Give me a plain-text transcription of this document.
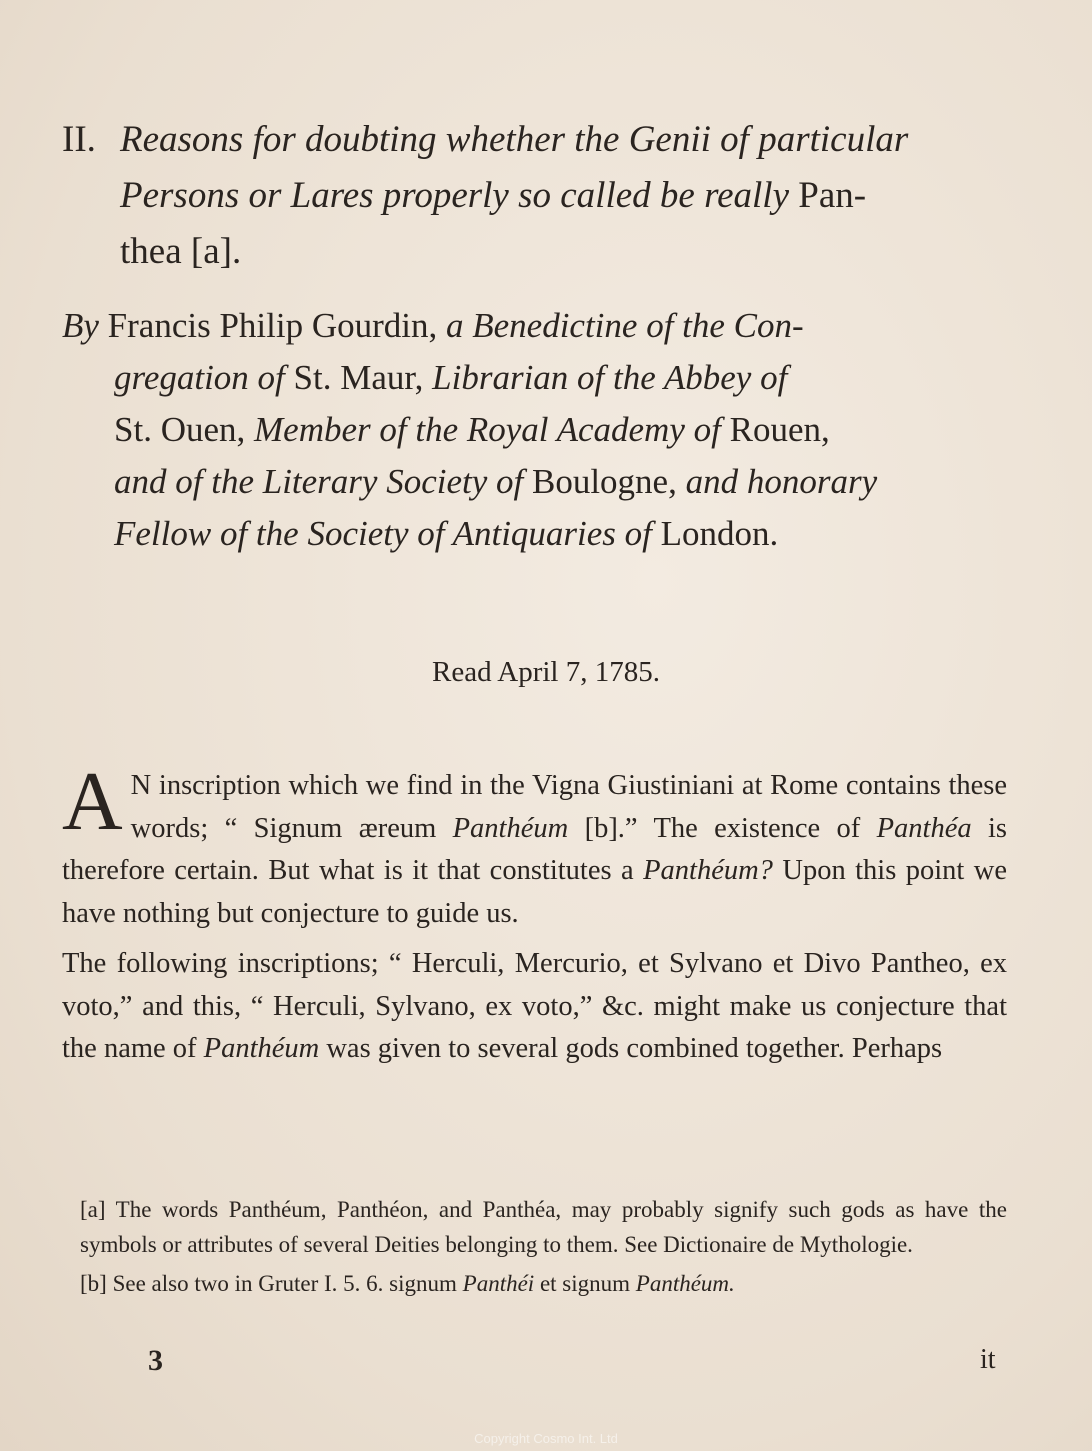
II. Reasons for doubting whether the Genii of particular
Persons or Lares properly so called be really Pan-
thea [a].
By Francis Philip Gourdin, a Benedictine of the Con-
gregation of St. Maur, Librarian of the Abbey of
St. Ouen, Member of the Royal Academy of Rouen,
and of the Literary Society of Boulogne, and honorary
Fellow of the Society of Antiquaries of London.
Read April 7, 1785.

A N inscription which we find in the Vigna Giustiniani at Rome contains these words; “ Signum æreum Panthéum [b].” The existence of Panthéa is therefore certain. But what is it that constitutes a Panthéum? Upon this point we have nothing but conjecture to guide us.

The following inscriptions; “ Herculi, Mercurio, et Sylvano et Divo Pantheo, ex voto,” and this, “ Herculi, Sylvano, ex voto,” &c. might make us conjecture that the name of Panthéum was given to several gods combined together. Perhaps

[a] The words Panthéum, Panthéon, and Panthéa, may probably signify such gods as have the symbols or attributes of several Deities belonging to them. See Dictionaire de Mythologie.

[b] See also two in Gruter I. 5. 6. signum Panthéi et signum Panthéum.

3	it
Copyright Cosmo Int. Ltd
